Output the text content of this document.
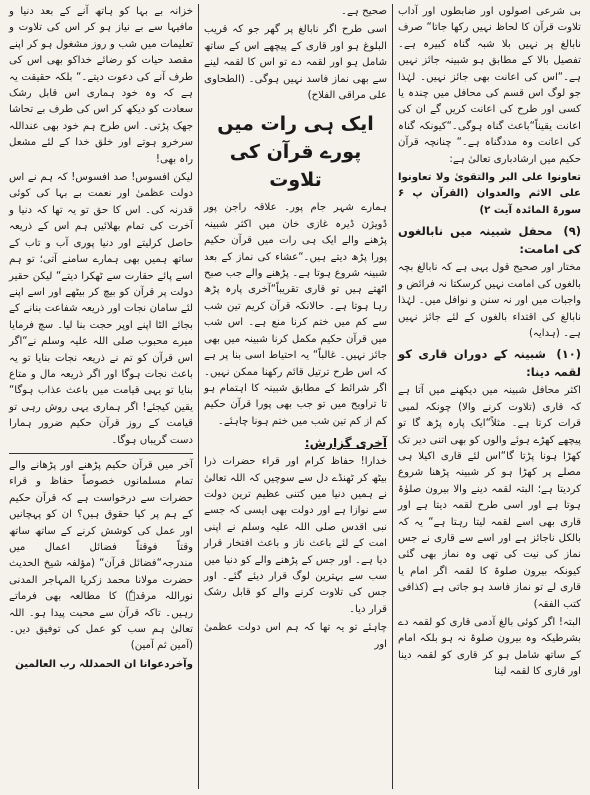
بی شرعی اصولوں اور ضابطوں اور آداب تلاوت قرآن کا لحاظ نہیں رکھا جاتا“ صرف نابالغ پر نہیں بلا شبہ گناہ کبیرہ ہے۔ تفصیل بالا کے مطابق ہو شبینہ جائز نہیں ہے۔“اس کی اعانت بھی جائز نہیں۔ لہٰذا جو لوگ اس قسم کی محافل میں چندہ یا کسی اور طرح کی اعانت کریں گے ان کی اعانت یقیناً“باعث گناہ ہوگی۔“کیونکہ گناہ کی اعانت وہ مددگناہ ہے۔“ چنانچہ قرآن حکیم میں ارشادباری تعالیٰ ہے:

تعاونوا علی البر والتقویٰ ولا تعاونوا علی الاثم والعدوان (القرآن پ ۶ سورۃ المائدہ آیت ۲)

(۹) محفل شبینہ میں نابالغوں کی امامت:

مختار اور صحیح قول یہی ہے کہ نابالغ بچہ بالغوں کی امامت نہیں کرسکتا نہ فرائض و واجبات میں اور نہ سنن و نوافل میں۔ لہٰذا نابالغ کی اقتداء بالغوں کے لئے جائز نہیں ہے۔ (ہدایہ)

(۱۰) شبینہ کے دوران قاری کو لقمہ دینا:

اکثر محافل شبینہ میں دیکھنے میں آتا ہے کہ قاری (تلاوت کرنے والا) چونکہ لمبی قرات کرتا ہے۔ مثلاً“ایک پارہ پڑھ گا تو پیچھے کھڑے ہوئے والوں کو بھی اتنی دیر تک کھڑا ہونا پڑتا گا“اس لئے قاری اکیلا ہی مصلے پر کھڑا ہو کر شبینہ پڑھنا شروع کردیتا ہے؛ البتہ لقمہ دینے والا بیرون صلوٰۃ ہوتا ہے اور اسی طرح لقمہ دیتا ہے اور قاری بھی اسے لقمہ لیتا رہتا ہے“ یہ کہ بالکل ناجائز ہے اور اسے سے قاری نے جس نماز کی نیت کی تھی وہ نماز بھی گئی کیونکہ بیرون صلوۃ کا لقمہ اگر امام یا قاری لے تو نماز فاسد ہو جاتی ہے (کذافی کتب الفقہ)

البتہ! اگر کوئی بالغ آدمی قاری کو لقمہ دے بشرطیکہ وہ بیرون صلوۃ نہ ہو بلکہ امام کے ساتھ شامل ہو کر قاری کو لقمہ دینا اور قاری کا لقمہ لینا

صحیح ہے۔

اسی طرح اگر نابالغ پر گھر جو کہ قریب البلوغ ہو اور قاری کے پیچھے اس کے ساتھ شامل ہو اور لقمہ دے تو اس کا لقمہ لینے سے بھی نماز فاسد نہیں ہوگی۔ (الطحاوی علی مراقی الفلاح)

ایک ہی رات میں پورے قرآن کی تلاوت

ہمارے شہر جام پور۔ علاقہ راجن پور ڈویژن ڈیرہ غازی خان میں اکثر شبینہ پڑھنے والے ایک ہی رات میں قرآن حکیم پورا پڑھ دیتے ہیں۔“عشاء کی نماز کے بعد شبینہ شروع ہوتا ہے۔ پڑھنے والے جب صبح اٹھتے ہیں تو قاری تقریباً“آخری پارہ پڑھ رہا ہوتا ہے۔ حالانکہ قرآن کریم تین شب سے کم میں ختم کرنا منع ہے۔ اس شب میں قرآن حکیم مکمل کرنا شبینہ میں بھی جائز نہیں۔ غالباً“ یہ احتیاط اسی بنا پر ہے کہ اس طرح ترتیل قائم رکھنا ممکن نہیں۔ اگر شرائط کے مطابق شبینہ کا اہتمام ہو تا تراویح میں تو جب بھی پورا قرآن حکیم کم از کم تین شب میں ختم ہونا چاہئے۔

آخری گزارش:

خدارا! حفاظ کرام اور قراء حضرات ذرا بیٹھ کر ٹھنڈے دل سے سوچیں کہ اللہ تعالیٰ نے ہمیں دنیا میں کتنی عظیم ترین دولت سے نوازا ہے اور دولت بھی ایسی کہ جسے نبی اقدس صلی اللہ علیہ وسلم نے اپنی امت کے لئے باعث ناز و باعث افتخار قرار دیا ہے۔ اور جس کے پڑھنے والے کو دنیا میں سب سے بہترین لوگ قرار دیئے گئے۔ اور جس کی تلاوت کرنے والے کو قابل رشک قرار دیا۔

چاہئے تو یہ تھا کہ ہم اس دولت عظمیٰ اور

خزانہ بے بہا کو ہاتھ آنے کے بعد دنیا و مافیہا سے بے نیاز ہو کر اس کی تلاوت و تعلیمات میں شب و روز مشغول ہو کر اپنے مقصد حیات کو رضائے خداکو بھی اس کی طرف آنے کی دعوت دیتے۔“ بلکہ حقیقت یہ ہے کہ وہ خود ہماری اس قابل رشک سعادت کو دیکھ کر اس کی طرف بے تحاشا جھک پڑتی۔ اس طرح ہم خود بھی عنداللہ سرخرو ہوتے اور خلق خدا کے لئے مشعل راہ بھی!

لیکن افسوس! صد افسوس! کہ ہم نے اس دولت عظمیٰ اور نعمت بے بہا کی کوئی قدرنہ کی۔ اس کا حق تو یہ تھا کہ دنیا و آخرت کی تمام بھلائیں ہم اس کے ذریعہ حاصل کرلیتے اور دنیا پوری آب و تاب کے ساتھ ہمیں بھی ہمارے سامنے آتی؛ تو ہم اسے پائے حقارت سے ٹھکرا دیتے“ لیکن حقیر دولت پر قرآن کو بیچ کر بیٹھے اور اسے اپنے لئے سامان نجات اور ذریعہ شفاعت بنانے کے بجائے الٹا اپنے اوپر حجت بنا لیا۔ سچ فرمایا میرے محبوب صلی اللہ علیہ وسلم نے“اگر اس قرآن کو تم نے ذریعہ نجات بنایا تو یہ باعث نجات ہوگا اور اگر ذریعہ مال و متاع بنایا تو یہی قیامت میں باعث عذاب ہوگا“ یقین کیجئے! اگر ہماری یہی روش رہی تو قیامت کے روز قرآن حکیم ضرور ہمارا دست گریباں ہوگا۔

آخر میں قرآن حکیم پڑھنے اور پڑھانے والے تمام مسلمانوں خصوصاً حفاظ و قراء حضرات سے درخواست ہے کہ قرآن حکیم کے ہم پر کیا حقوق ہیں؟ ان کو پہچانیں اور عمل کی کوشش کرنے کے ساتھ ساتھ وقتاً فوقتاً فضائل اعمال میں مندرجہ“فضائل قرآن“ (مؤلفہ شیخ الحدیث حضرت مولانا محمد زکریا المہاجر المدنی نوراللہ مرقدہٗ) کا مطالعہ بھی فرماتے رہیں۔ تاکہ قرآن سے محبت پیدا ہو۔ اللہ تعالیٰ ہم سب کو عمل کی توفیق دیں۔ (آمین ثم آمین)

وآخردعوانا ان الحمدللہ رب العالمین
